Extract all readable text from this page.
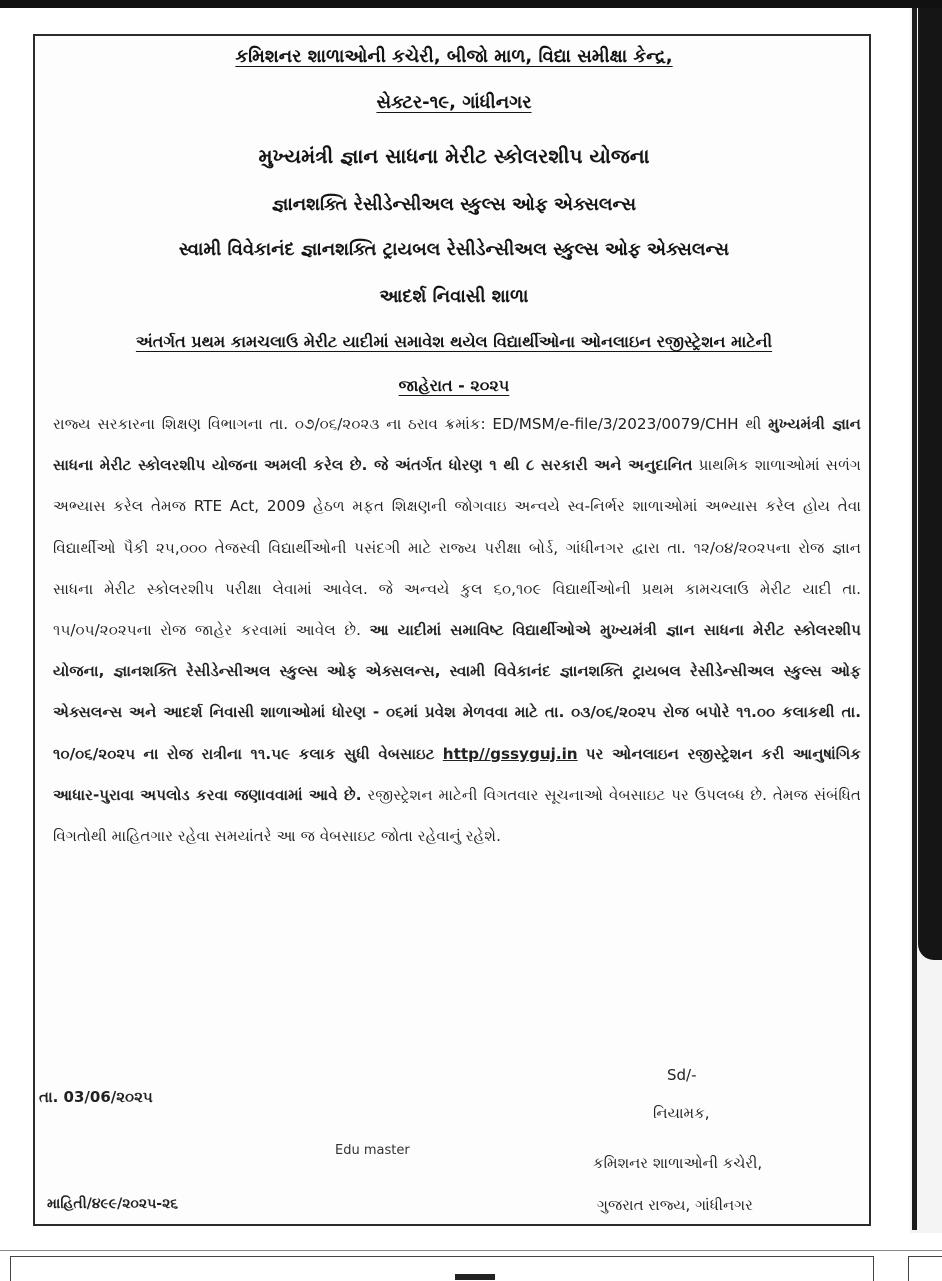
કમિશનર શાળાઓની કચેરી, બીજો માળ, વિદ્યા સમીક્ષા કેન્દ્ર,
સેક્ટર-૧૯, ગાંધીનગર
મુખ્યમંત્રી જ્ઞાન સાધના મેરીટ સ્કોલરશીપ યોજના
જ્ઞાનશક્તિ રેસીડેન્સીઅલ સ્કુલ્સ ઓફ એક્સલન્સ
સ્વામી વિવેકાનંદ જ્ઞાનશક્તિ ટ્રાયબલ રેસીડેન્સીઅલ સ્કુલ્સ ઓફ એક્સલન્સ
આદર્શ નિવાસી શાળા
અંતર્ગત પ્રથમ કામચલાઉ મેરીટ યાદીમાં સમાવેશ થયેલ વિદ્યાર્થીઓના ઓનલાઇન રજીસ્ટ્રેશન માટેની
જાહેરાત - ૨૦૨૫

રાજ્ય સરકારના શિક્ષણ વિભાગના તા. ૦૭/૦૬/૨૦૨૩ ના ઠરાવ ક્રમાંક: ED/MSM/e-file/3/2023/0079/CHH થી મુખ્યમંત્રી જ્ઞાન સાધના મેરીટ સ્કોલરશીપ યોજના અમલી કરેલ છે. જે અંતર્ગત ધોરણ ૧ થી ૮ સરકારી અને અનુદાનિત પ્રાથમિક શાળાઓમાં સળંગ અભ્યાસ કરેલ તેમજ RTE Act, 2009 હેઠળ મફત શિક્ષણની જોગવાઇ અન્વયે સ્વ-નિર્ભર શાળાઓમાં અભ્યાસ કરેલ હોય તેવા વિદ્યાર્થીઓ પૈકી ૨૫,૦૦૦ તેજસ્વી વિદ્યાર્થીઓની પસંદગી માટે રાજ્ય પરીક્ષા બોર્ડ, ગાંધીનગર દ્વારા તા. ૧૨/૦૪/૨૦૨૫ના રોજ જ્ઞાન સાધના મેરીટ સ્કોલરશીપ પરીક્ષા લેવામાં આવેલ. જે અન્વયે કુલ ૬૦,૧૦૯ વિદ્યાર્થીઓની પ્રથમ કામચલાઉ મેરીટ યાદી તા. ૧૫/૦૫/૨૦૨૫ના રોજ જાહેર કરવામાં આવેલ છે. આ યાદીમાં સમાવિષ્ટ વિદ્યાર્થીઓએ મુખ્યમંત્રી જ્ઞાન સાધના મેરીટ સ્કોલરશીપ યોજના, જ્ઞાનશક્તિ રેસીડેન્સીઅલ સ્કુલ્સ ઓફ એક્સલન્સ, સ્વામી વિવેકાનંદ જ્ઞાનશક્તિ ટ્રાયબલ રેસીડેન્સીઅલ સ્કુલ્સ ઓફ એક્સલન્સ અને આદર્શ નિવાસી શાળાઓમાં ધોરણ - ૦૬માં પ્રવેશ મેળવવા માટે તા. ૦૩/૦૬/૨૦૨૫ રોજ બપોરે ૧૧.૦૦ કલાકથી તા. ૧૦/૦૬/૨૦૨૫ ના રોજ રાત્રીના ૧૧.૫૯ કલાક સુધી વેબસાઇટ http//gssyguj.in પર ઓનલાઇન રજીસ્ટ્રેશન કરી આનુષાંગિક આધાર-પુરાવા અપલોડ કરવા જણાવવામાં આવે છે. રજીસ્ટ્રેશન માટેની વિગતવાર સૂચનાઓ વેબસાઇટ પર ઉપલબ્ધ છે. તેમજ સંબંધિત વિગતોથી માહિતગાર રહેવા સમયાંતરે આ જ વેબસાઇટ જોતા રહેવાનું રહેશે.

Sd/-
તા. 03/06/૨૦૨૫
નિયામક,
Edu master
કમિશનર શાળાઓની કચેરી,
માહિતી/૪૯૯/૨૦૨૫-૨૬	ગુજરાત રાજ્ય, ગાંધીનગર
